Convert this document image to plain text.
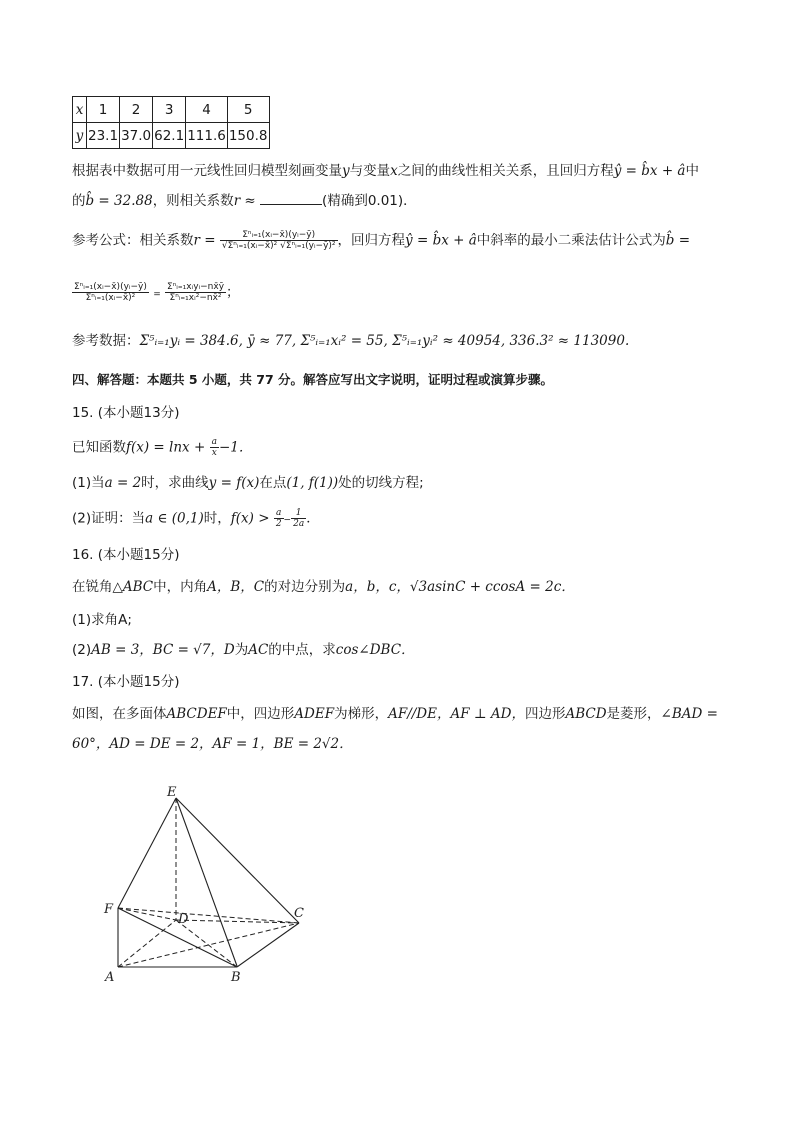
x	1	2	3	4	5
y	23.1	37.0	62.1	111.6	150.8
根据表中数据可用一元线性回归模型刻画变量y与变量x之间的曲线性相关关系，且回归方程ŷ = b̂x + â中
的b̂ = 32.88，则相关系数r ≈	(精确到0.01)．
参考公式：相关系数$r = \frac{\text{Σⁿᵢ₌₁(xᵢ−x̄)(yᵢ−ȳ)}}{\text{√Σⁿᵢ₌₁(xᵢ−x̄)² √Σⁿᵢ₌₁(yᵢ−ȳ)²}}$ ，回归方程ŷ = b̂x + â中斜率的最小二乘法估计公式为b̂ =
$\frac{\text{Σⁿᵢ₌₁(xᵢ−x̄)(yᵢ−ȳ)}}{\text{Σⁿᵢ₌₁(xᵢ−x̄)²}} = \frac{\text{Σⁿᵢ₌₁xᵢyᵢ−nx̄ȳ}}{\text{Σⁿᵢ₌₁xᵢ²−nx̄²}}$ ；
参考数据：Σ⁵ᵢ₌₁yᵢ = 384.6, ȳ ≈ 77, Σ⁵ᵢ₌₁xᵢ² = 55, Σ⁵ᵢ₌₁yᵢ² ≈ 40954, 336.3² ≈ 113090.
四、解答题：本题共 5 小题，共 77 分。解答应写出文字说明，证明过程或演算步骤。
15. (本小题13分)
已知函数$f(x) = \ln x + \frac{a}{x} -1$．
(1)当a = 2时，求曲线y = f(x)在点(1, f(1))处的切线方程;
(2)证明：当a ∈ (0,1)时，$f(x) > \frac{a}{2} - \frac{1}{2a}$ ．
16. (本小题15分)
在锐角△ABC中，内角A，B，C的对边分别为a，b，c，√3asinC + ccosA = 2c．
(1)求角A;
(2)AB = 3，BC = √7，D为AC的中点，求cos∠DBC．
17. (本小题15分)
如图，在多面体ABCDEF中，四边形ADEF为梯形，AF//DE，AF ⊥ AD，四边形ABCD是菱形，∠BAD =
60°，AD = DE = 2，AF = 1，BE = 2√2．
E
F
D	C
A	B
